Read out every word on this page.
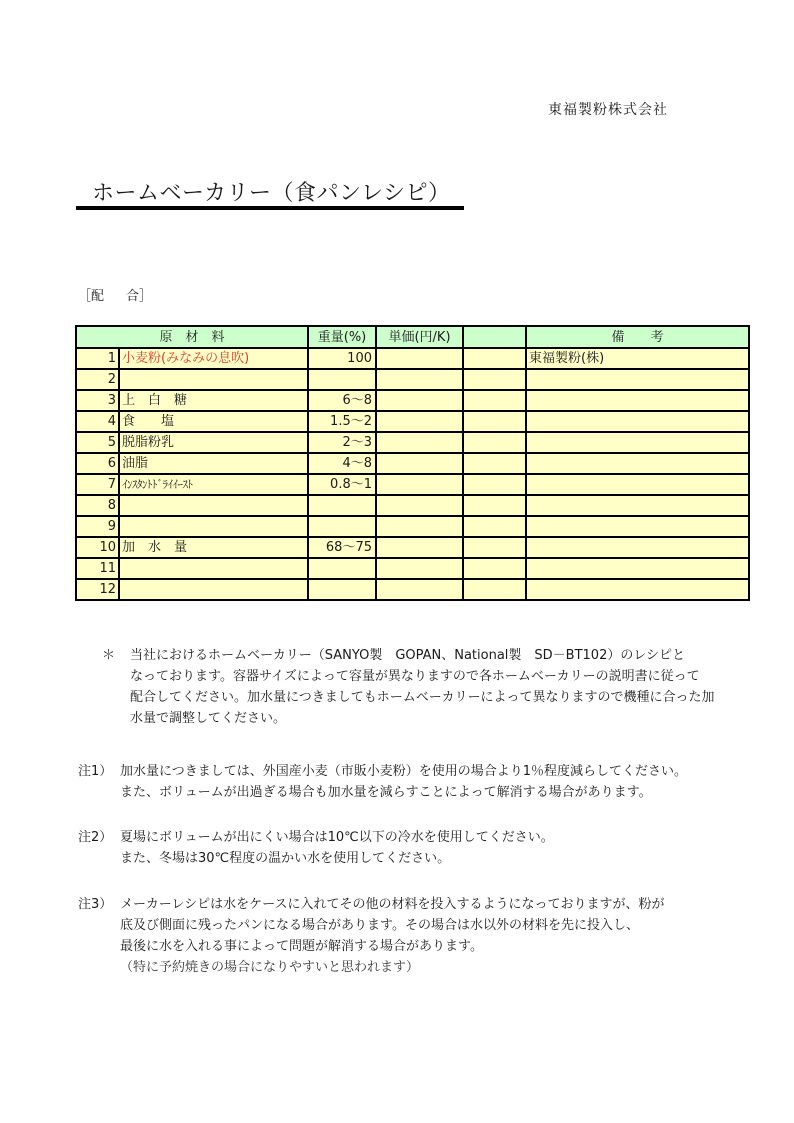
東福製粉株式会社
ホームベーカリー（食パンレシピ）
［配 合］
原　材　料		重量(%)	単価(円/K)		備　　考
1	小麦粉(みなみの息吹)	100			東福製粉(株)
2					
3	上　白　糖	6～8			
4	食　　塩	1.5～2			
5	脱脂粉乳	2～3			
6	油脂	4～8			
7	ｲﾝｽﾀﾝﾄﾄﾞﾗｲｲｰｽﾄ	0.8～1			
8					
9					
10	加　水　量	68～75			
11					
12					
＊	当社におけるホームベーカリー（SANYO製　GOPAN、National製　SD－BT102）のレシピと
なっております。容器サイズによって容量が異なりますので各ホームベーカリーの説明書に従って
配合してください。加水量につきましてもホームベーカリーによって異なりますので機種に合った加
水量で調整してください。
注1） 加水量につきましては、外国産小麦（市販小麦粉）を使用の場合より1％程度減らしてください。
また、ボリュームが出過ぎる場合も加水量を減らすことによって解消する場合があります。
注2） 夏場にボリュームが出にくい場合は10℃以下の冷水を使用してください。
また、冬場は30℃程度の温かい水を使用してください。
注3） メーカーレシピは水をケースに入れてその他の材料を投入するようになっておりますが、粉が
底及び側面に残ったパンになる場合があります。その場合は水以外の材料を先に投入し、
最後に水を入れる事によって問題が解消する場合があります。
（特に予約焼きの場合になりやすいと思われます）
